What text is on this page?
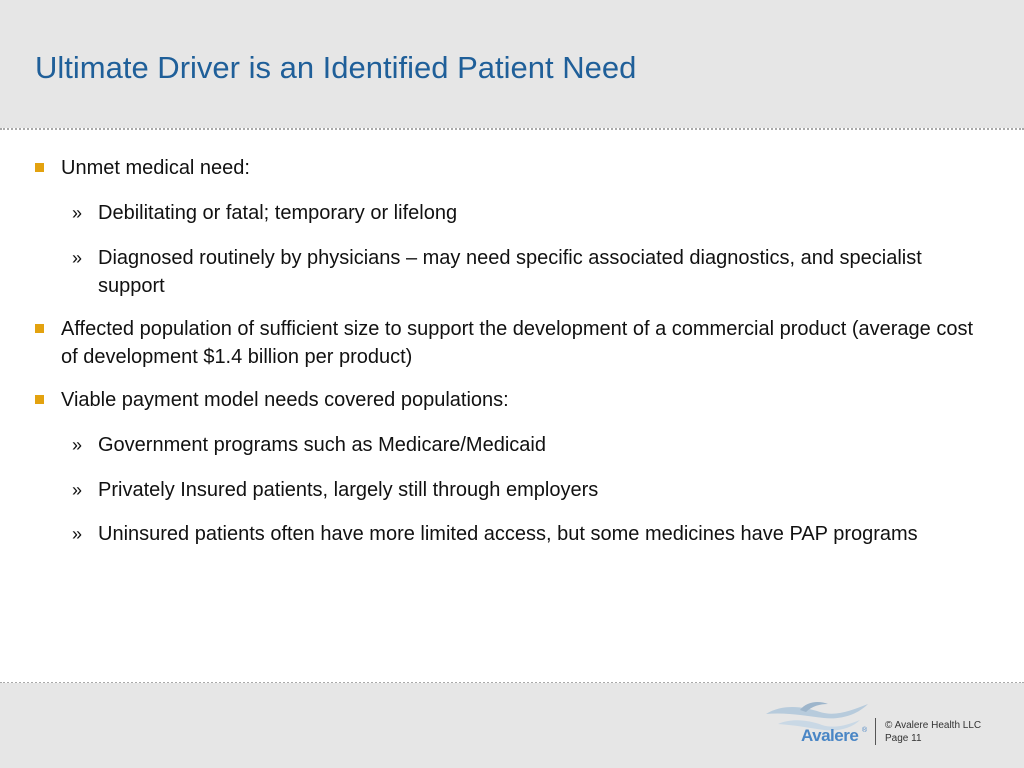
Ultimate Driver is an Identified Patient Need
Unmet medical need:
» Debilitating or fatal; temporary or lifelong
» Diagnosed routinely by physicians – may need specific associated diagnostics, and specialist support
Affected population of sufficient size to support the development of a commercial product (average cost of development $1.4 billion per product)
Viable payment model needs covered populations:
» Government programs such as Medicare/Medicaid
» Privately Insured patients, largely still through employers
» Uninsured patients often have more limited access, but some medicines have PAP programs
Avalere ® © Avalere Health LLC
Page 11
